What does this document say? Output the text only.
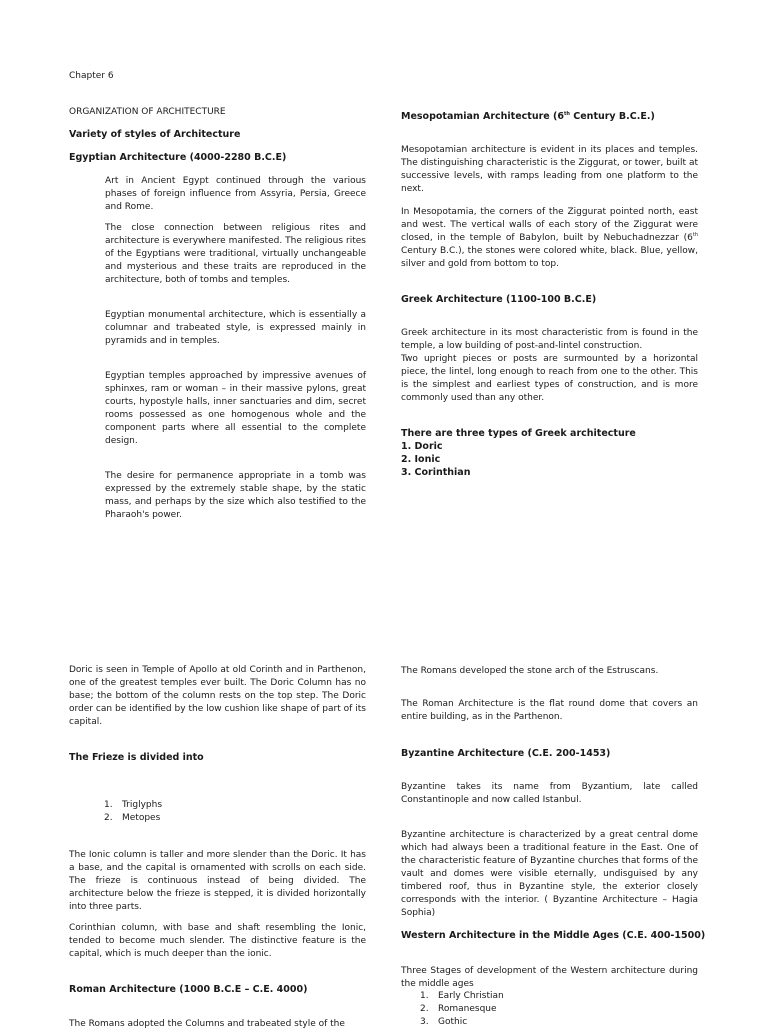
Chapter 6

ORGANIZATION OF ARCHITECTURE

Variety of styles of Architecture

Egyptian Architecture (4000-2280 B.C.E)

Art in Ancient Egypt continued through the various phases of foreign influence from Assyria, Persia, Greece and Rome.

The close connection between religious rites and architecture is everywhere manifested. The religious rites of the Egyptians were traditional, virtually unchangeable and mysterious and these traits are reproduced in the architecture, both of tombs and temples.

Egyptian monumental architecture, which is essentially a columnar and trabeated style, is expressed mainly in pyramids and in temples.

Egyptian temples approached by impressive avenues of sphinxes, ram or woman – in their massive pylons, great courts, hypostyle halls, inner sanctuaries and dim, secret rooms possessed as one homogenous whole and the component parts where all essential to the complete design.

The desire for permanence appropriate in a tomb was expressed by the extremely stable shape, by the static mass, and perhaps by the size which also testified to the Pharaoh's power.

Mesopotamian Architecture (6th Century B.C.E.)

Mesopotamian architecture is evident in its places and temples. The distinguishing characteristic is the Ziggurat, or tower, built at successive levels, with ramps leading from one platform to the next.

In Mesopotamia, the corners of the Ziggurat pointed north, east and west. The vertical walls of each story of the Ziggurat were closed, in the temple of Babylon, built by Nebuchadnezzar (6th Century B.C.), the stones were colored white, black. Blue, yellow, silver and gold from bottom to top.

Greek Architecture (1100-100 B.C.E)

Greek architecture in its most characteristic from is found in the temple, a low building of post-and-lintel construction.

Two upright pieces or posts are surmounted by a horizontal piece, the lintel, long enough to reach from one to the other. This is the simplest and earliest types of construction, and is more commonly used than any other.

There are three types of Greek architecture
1. Doric
2. Ionic
3. Corinthian

Doric is seen in Temple of Apollo at old Corinth and in Parthenon, one of the greatest temples ever built. The Doric Column has no base; the bottom of the column rests on the top step. The Doric order can be identified by the low cushion like shape of part of its capital.

The Frieze is divided into

1. Triglyphs
2. Metopes

The Ionic column is taller and more slender than the Doric. It has a base, and the capital is ornamented with scrolls on each side. The frieze is continuous instead of being divided. The architecture below the frieze is stepped, it is divided horizontally into three parts.

Corinthian column, with base and shaft resembling the Ionic, tended to become much slender. The distinctive feature is the capital, which is much deeper than the ionic.

Roman Architecture (1000 B.C.E – C.E. 4000)

The Romans adopted the Columns and trabeated style of the

The Romans developed the stone arch of the Estruscans.

The Roman Architecture is the flat round dome that covers an entire building, as in the Parthenon.

Byzantine Architecture (C.E. 200-1453)

Byzantine takes its name from Byzantium, late called Constantinople and now called Istanbul.

Byzantine architecture is characterized by a great central dome which had always been a traditional feature in the East. One of the characteristic feature of Byzantine churches that forms of the vault and domes were visible eternally, undisguised by any timbered roof, thus in Byzantine style, the exterior closely corresponds with the interior. ( Byzantine Architecture – Hagia Sophia)

Western Architecture in the Middle Ages (C.E. 400-1500)

Three Stages of development of the Western architecture during the middle ages

1. Early Christian
2. Romanesque
3. Gothic
